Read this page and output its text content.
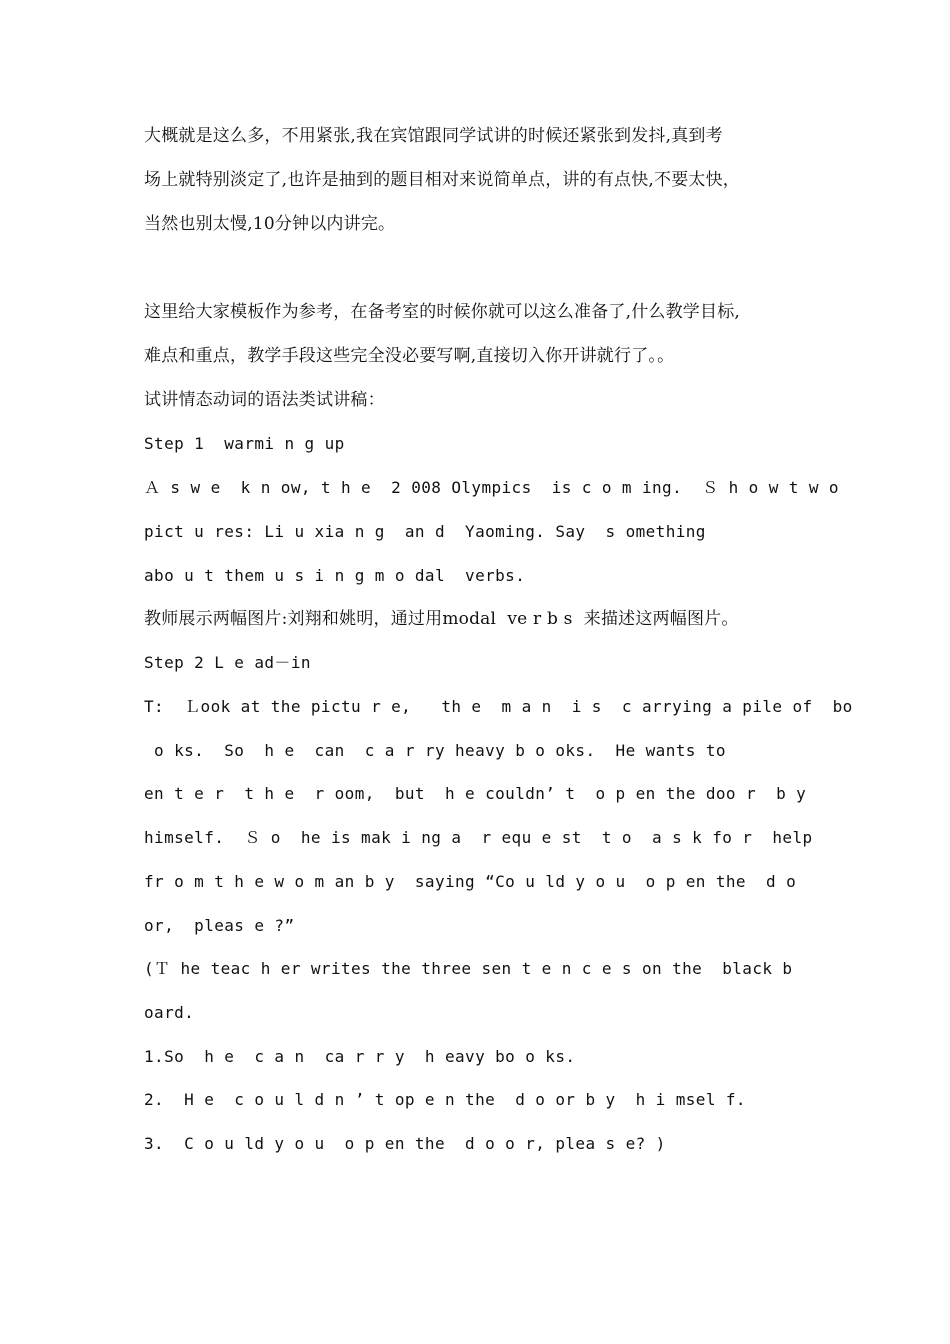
大概就是这么多，不用紧张,我在宾馆跟同学试讲的时候还紧张到发抖,真到考
场上就特别淡定了,也许是抽到的题目相对来说简单点，讲的有点快,不要太快，
当然也别太慢,10分钟以内讲完。
这里给大家模板作为参考，在备考室的时候你就可以这么准备了,什么教学目标,
难点和重点，教学手段这些完全没必要写啊,直接切入你开讲就行了。。
试讲情态动词的语法类试讲稿：
Step 1  warmi n g up
Ａ s w e  k n ow, t h e  2 008 Olympics  is c o m ing.  Ｓ h o w t w o
pict u res: Li u xia n g  an d  Yaoming. Say  s omething
abo u t them u s i n g m o dal  verbs.
教师展示两幅图片:刘翔和姚明，通过用modal  ve r b s  来描述这两幅图片。
Step 2 L e ad－in
T:  Ｌook at the pictu r e,   th e  m a n  i s  c arrying a pile of  bo
o ks.  So  h e  can  c a r ry heavy b o oks.  He wants to
en t e r  t h e  r oom,  but  h e couldn’ t  o p en the doo r  b y
himself.  Ｓ o  he is mak i ng a  r equ e st  t o  a s k fo r  help
fr o m t h e w o m an b y  saying “Co u ld y o u  o p en the  d o
or,  pleas e ?”
(Ｔ he teac h er writes the three sen t e n c e s on the  black b
oard.
1.So  h e  c a n  ca r r y  h eavy bo o ks.
2.  H e  c o u l d n ’ t op e n the  d o or b y  h i msel f.
3.  C o u ld y o u  o p en the  d o o r, plea s e? )
